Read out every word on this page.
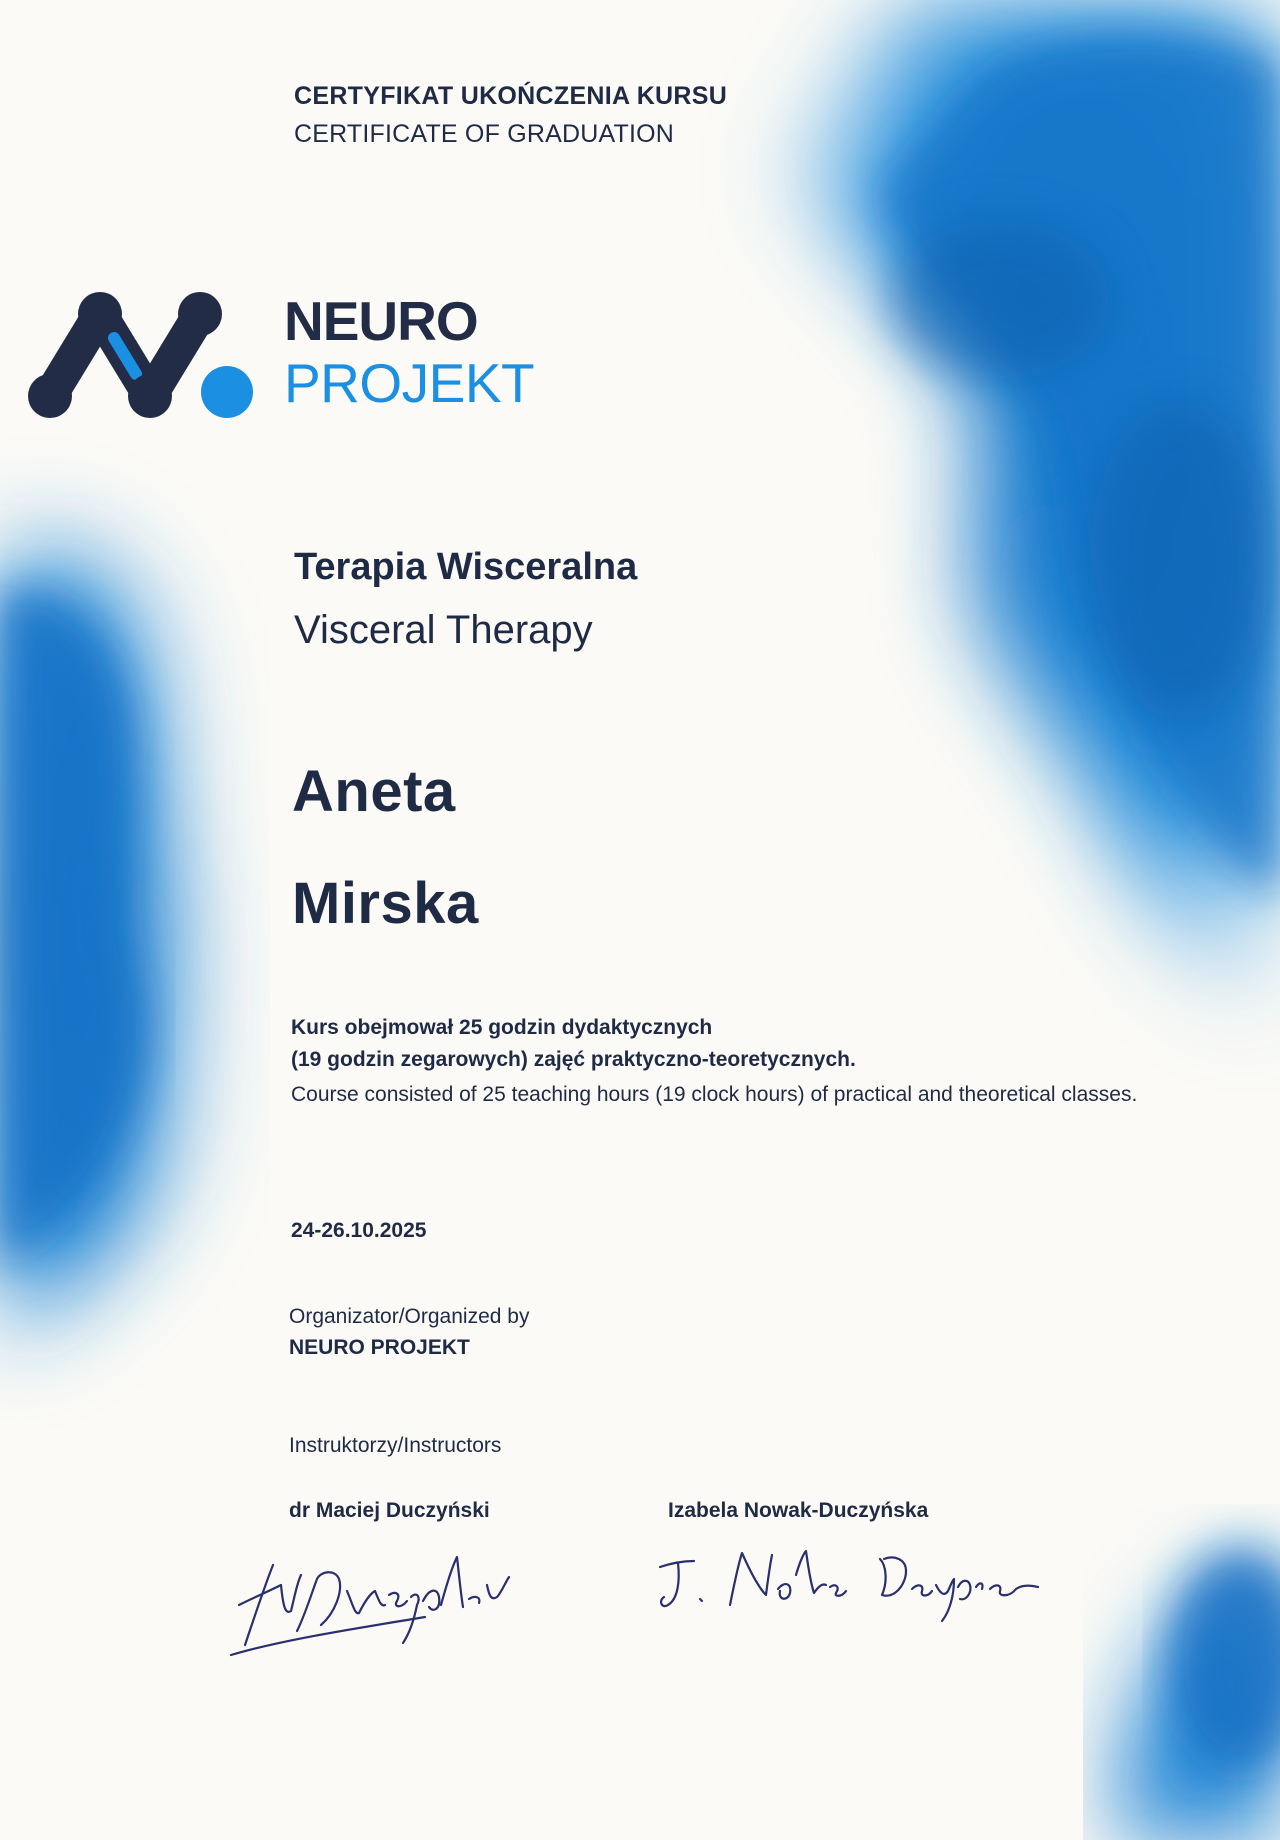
CERTYFIKAT UKOŃCZENIA KURSU
CERTIFICATE OF GRADUATION
NEURO
PROJEKT
Terapia Wisceralna
Visceral Therapy
Aneta
Mirska
Kurs obejmował 25 godzin dydaktycznych
(19 godzin zegarowych) zajęć praktyczno-teoretycznych.
Course consisted of 25 teaching hours (19 clock hours) of practical and theoretical classes.
24-26.10.2025
Organizator/Organized by
NEURO PROJEKT
Instruktorzy/Instructors
dr Maciej Duczyński	Izabela Nowak-Duczyńska
